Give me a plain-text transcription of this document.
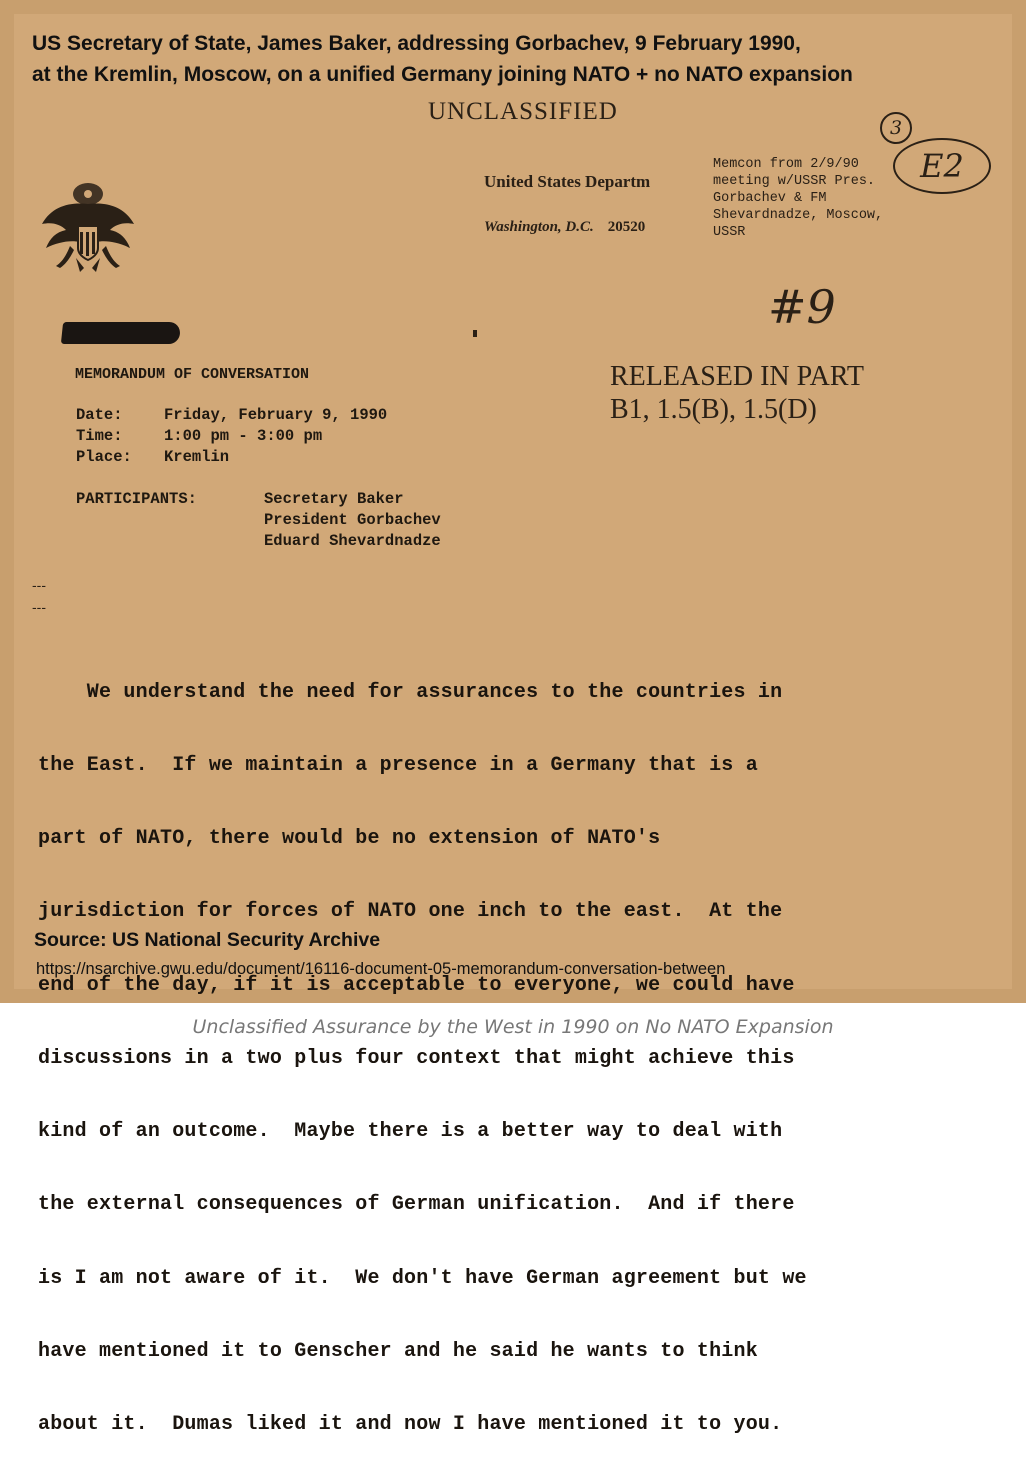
US Secretary of State, James Baker, addressing Gorbachev, 9 February 1990,
at the Kremlin, Moscow, on a unified Germany joining NATO + no NATO expansion
UNCLASSIFIED
United States Departm
Washington, D.C. 20520
Memcon from 2/9/90
meeting w/USSR Pres.
Gorbachev & FM
Shevardnadze, Moscow,
USSR
3
E2
#9
MEMORANDUM OF CONVERSATION	RELEASED IN PART
B1, 1.5(B), 1.5(D)
Date:	Friday, February 9, 1990
Time:	1:00 pm - 3:00 pm
Place: Kremlin
PARTICIPANTS:	Secretary Baker
President Gorbachev
Eduard Shevardnadze
---
---

We understand the need for assurances to the countries in

the East.  If we maintain a presence in a Germany that is a

part of NATO, there would be no extension of NATO's

jurisdiction for forces of NATO one inch to the east.  At the

end of the day, if it is acceptable to everyone, we could have

discussions in a two plus four context that might achieve this

kind of an outcome.  Maybe there is a better way to deal with

the external consequences of German unification.  And if there

is I am not aware of it.  We don't have German agreement but we

have mentioned it to Genscher and he said he wants to think

about it.  Dumas liked it and now I have mentioned it to you.

Source: US National Security Archive
https://nsarchive.gwu.edu/document/16116-document-05-memorandum-conversation-between
Unclassified Assurance by the West in 1990 on No NATO Expansion
